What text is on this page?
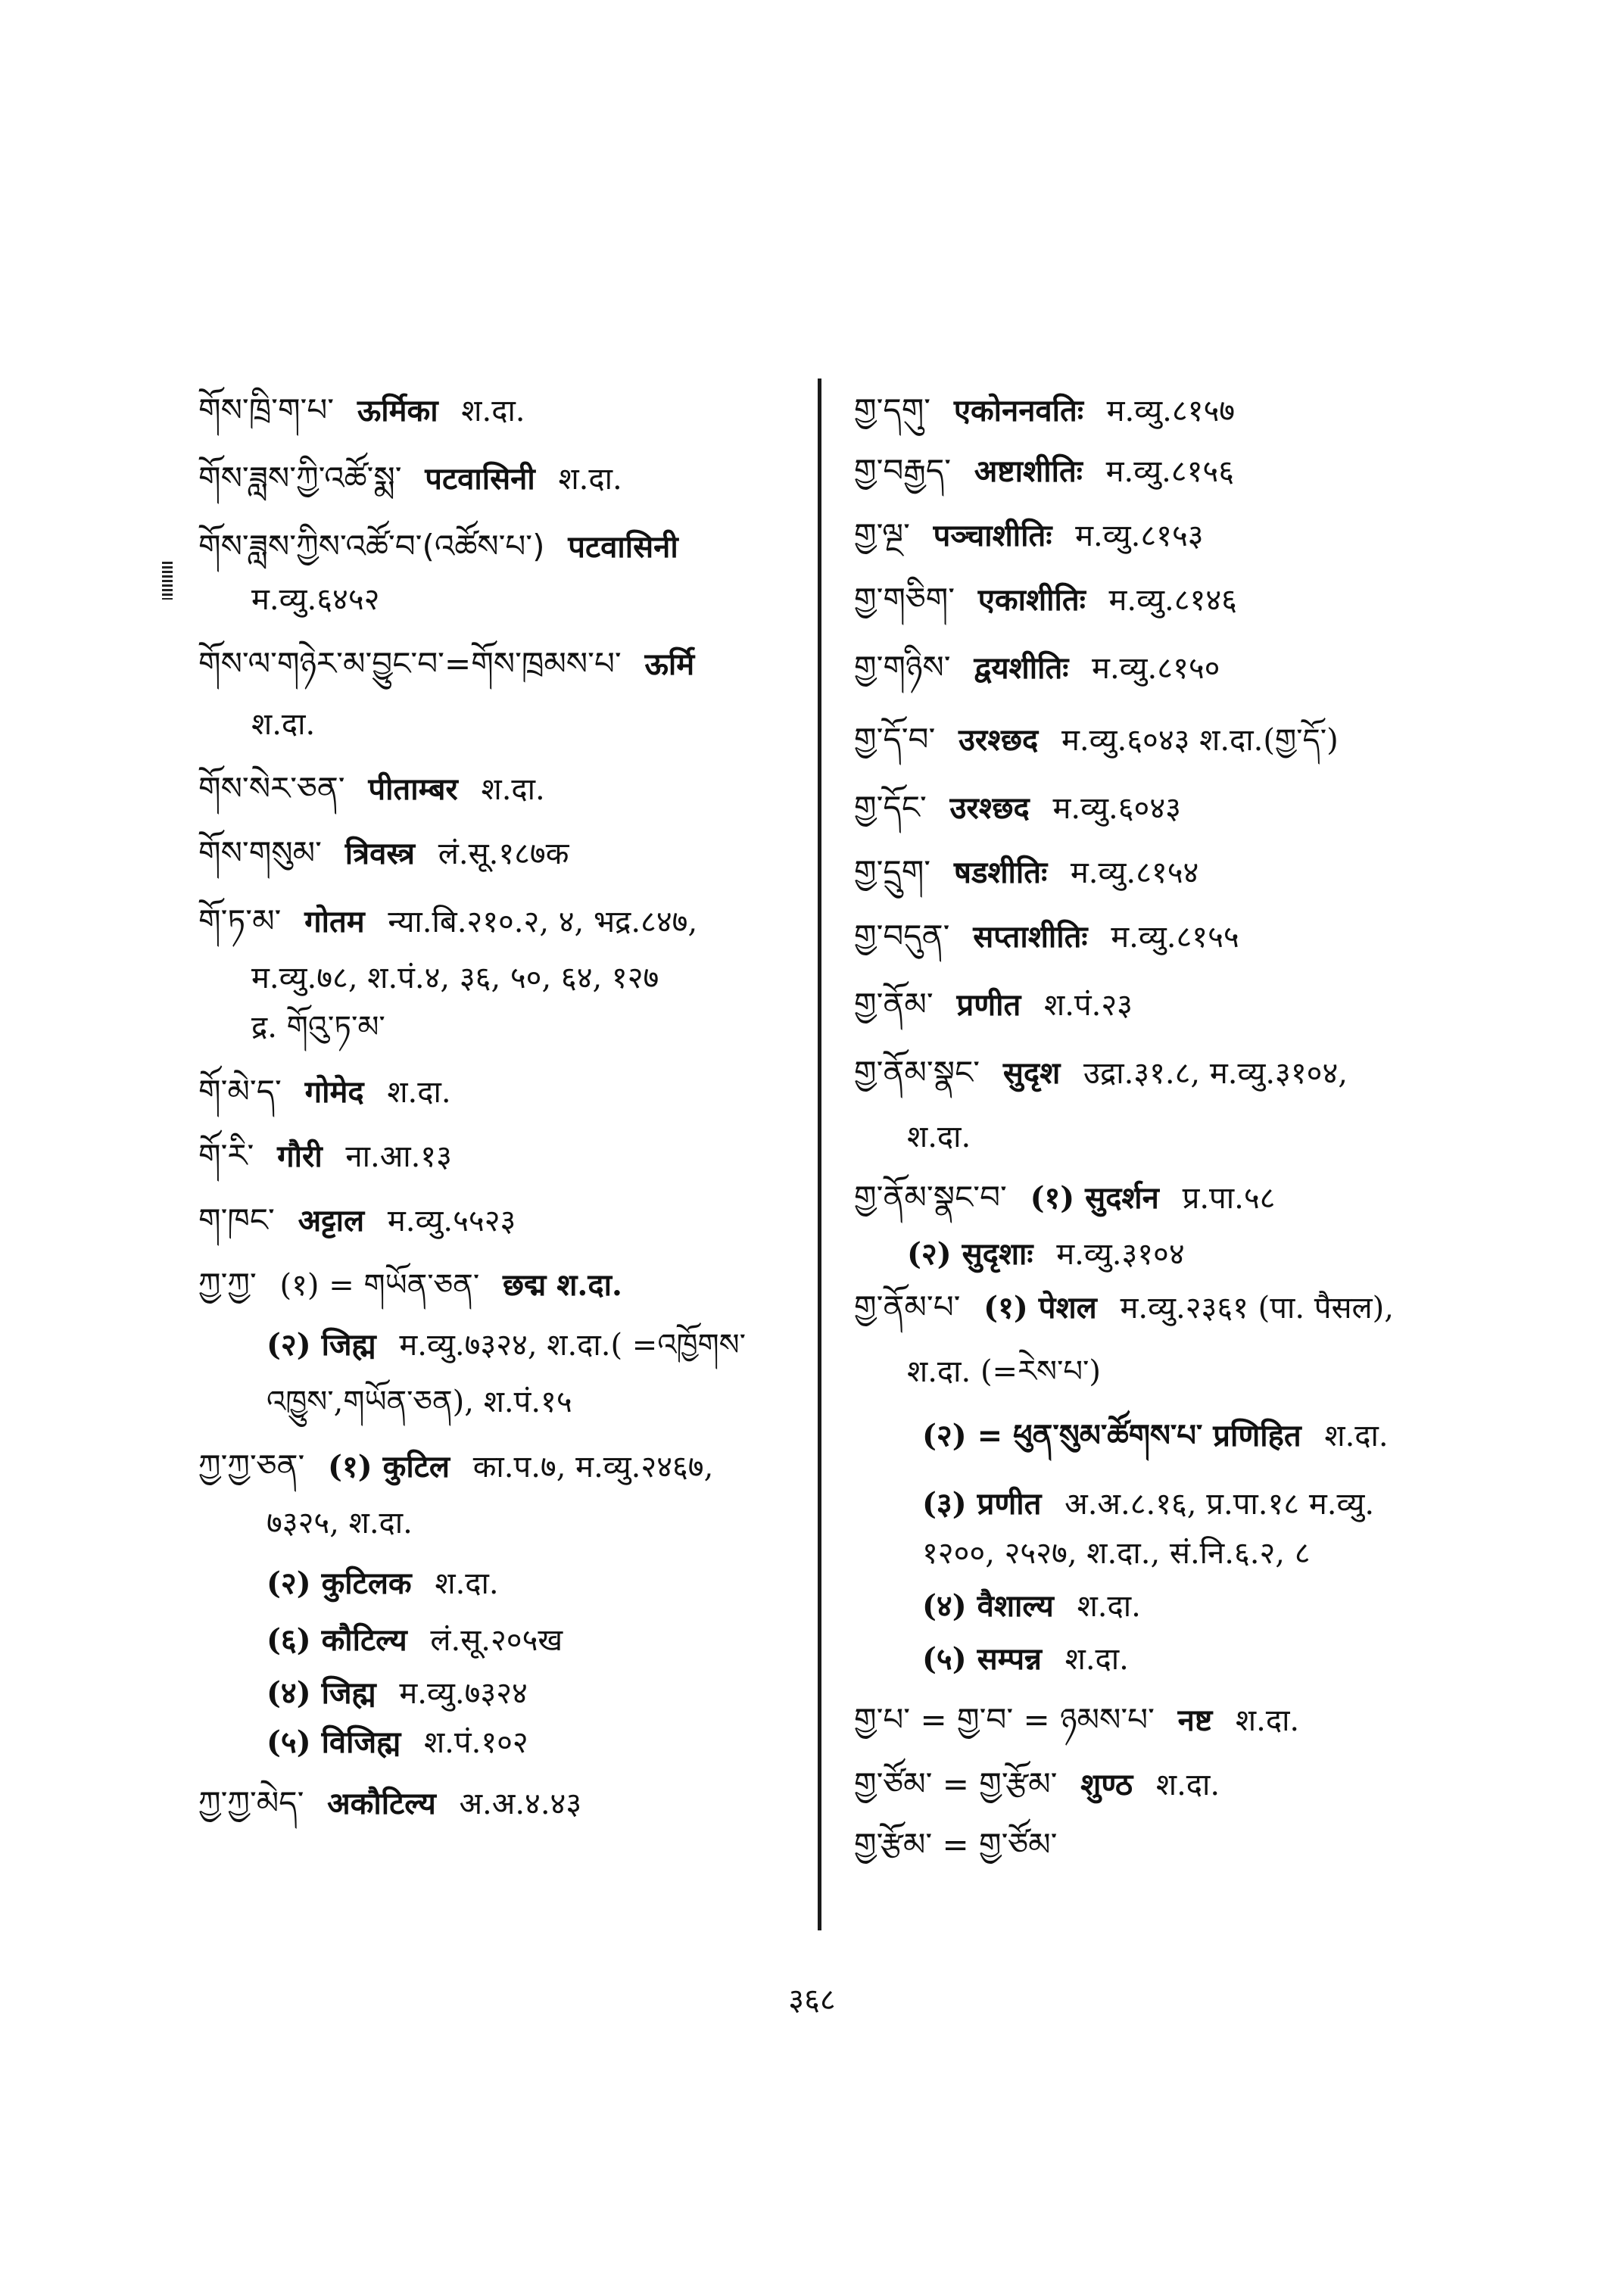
གོས་ཁྲི་ག་པ་ ऊर्मिका श.दा.
གོས་ཟླས་ཀྱི་འཚོ་སྨ་ पटवासिनी श.दा.
གོས་ཟླས་ཀྱིས་འཚོ་བ་(འཚོས་པ་) पटवासिनी
म.व्यु.६४५२
གོས་ལ་གཉེར་མ་བྱུང་བ་=གོས་ཁྲམས་པ་ ऊर्मि
श.दा.
གོས་སེར་ཅན་ पीताम्बर श.दा.
གོས་གསུམ་ त्रिवस्त्र लं.सू.१८७क
གོ་ཏ་མ་ गोतम न्या.बि.२१०.२, ४, भद्र.८४७,
म.व्यु.७८, श.पं.४, ३६, ५०, ६४, १२७
द्र. གོའུ་ཏ་མ་
གོ་མེ་ད་ गोमेद श.दा.
གོ་རི་ गौरी ना.आ.१३
ག་ཁང་ अट्टाल म.व्यु.५५२३
ཀྱ་ཀྱ་ (१) = གཡོན་ཅན་ छद्म श.दा.
(२) जिह्म म.व्यु.७३२४, श.दा.( =འཁྱོགས་
འཁྱུས་,གཡོན་ཅན), श.पं.१५
ཀྱ་ཀྱ་ཅན་ (१) कुटिल का.प.७, म.व्यु.२४६७,
७३२५, श.दा.
(२) कुटिलक श.दा.
(६) कौटिल्य लं.सू.२०५ख
(४) जिह्म म.व्यु.७३२४
(५) विजिह्म श.पं.१०२
ཀྱ་ཀྱ་མེད་ अकौटिल्य अ.अ.४.४३
གྱ་དགུ་ एकोननवतिः म.व्यु.८१५७
གྱ་བརྒྱད་ अष्टाशीतिः म.व्यु.८१५६
གྱ་ལྔ་ पञ्चाशीतिः म.व्यु.८१५३
གྱ་གཅིག་ एकाशीतिः म.व्यु.८१४६
གྱ་གཉིས་ द्वयशीतिः म.व्यु.८१५०
གྱ་དོ་བ་ उरश्छद म.व्यु.६०४३ श.दा.(གྱ་དོ་)
གྱ་དོང་ उरश्छद म.व्यु.६०४३
གྱ་དྲུག་ षडशीतिः म.व्यु.८१५४
གྱ་བདུན་ सप्ताशीतिः म.व्यु.८१५५
གྱ་ནོམ་ प्रणीत श.पं.२३
གྱ་ནོམ་སྣང་ सुदृश उद्रा.३१.८, म.व्यु.३१०४,
श.दा.
གྱ་ནོམ་སྣང་བ་ (१) सुदर्शन प्र.पा.५८
(२) सुदृशाः म.व्यु.३१०४
གྱ་ནོམ་པ་ (१) पेशल म.व्यु.२३६१ (पा. पैसल),
श.दा. (=རེས་པ་)
(२) = ཕུན་སུམ་ཚོགས་པ་ प्रणिहित श.दा.
(३) प्रणीत अ.अ.८.१६, प्र.पा.१८ म.व्यु.
१२००, २५२७, श.दा., सं.नि.६.२, ८
(४) वैशाल्य श.दा.
(५) सम्पन्न श.दा.
གྱ་པ་ = གྱ་བ་ = ཉམས་པ་ नष्ट श.दा.
གྱ་ཙོམ་ = གྱ་རྩོམ་ शुण्ठ श.दा.
གྱ་རྩོམ་ = གྱ་ཙོམ་
३६८
